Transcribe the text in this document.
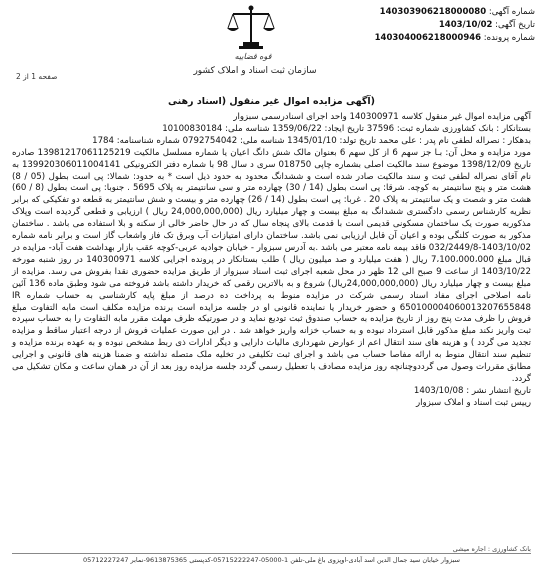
شماره آگهی: 140303906218000080
تاریخ آگهی: 1403/10/02
شماره پرونده: 140304006218000946
قوه قضاییه
سازمان ثبت اسناد و املاک کشور
صفحه 1 از 2
(آگهی مزایده اموال غیر منقول (اسناد رهنی

آگهی مزایده اموال غیر منقول کلاسه 140300971 واحد اجرای اسنادرسمی سبزوار

بستانکار : بانک کشاورزی شماره ثبت: 37596 تاریخ ایجاد: 1359/06/22 شناسه ملی: 10100830184

بدهکار : نصراله لطفی نام پدر : علی محمد تاریخ تولد: 1345/01/10 شناسه ملی: 0792754042 شماره شناسنامه: 1784

مورد مزایده و محل آن: بـا جز سهم 6 از کل سهم 6 بعنوان مالک شش دانگ اعیان یا شماره مسلسل مالکیت 1398121706112521​9 صادره تاریخ 1398/12/09 موضوع سند مالکیت اصلی بشماره چاپی 018750 سری د سال 98 با شماره دفتر الکترونیکی 139920306011004141 به نام آقای نصراله لطفی ثبت و سند مالکیت صادر شده است و ششدانگ محدود به حدود ذیل است * به حدود: شمالا: پی است بطول (05 / 8) هشت متر و پنج سانتیمتر به کوچه. شرقا: پی است بطول (14 / 30) چهارده متر و سی سانتیمتر به پلاک 5695 . جنوبا: پی است بطول (8 / 60) هشت متر و شصت و یک سانتیمتر به پلاک 20 . غربا: پی است بطول (14 / 26) چهارده متر و بیست و شش سانتیمتر به قطعه دو تفکیکی که برابر نظریه کارشناس رسمی دادگستری ششدانگ به مبلغ بیست و چهار میلیارد ریال (24,000,000,000 ریال ) ارزیابی و قطعی گردیده است وپلاک مذکوربه صورت یک ساختمان مسکونی قدیمی است با قدمت بالای پنجاه سال که در حال حاضر خالی از سکنه و بلا استفاده می باشد . ساختمان مذکور به صورت کلنگی بوده و اعیان آن قابل ارزیابی نمی باشد. ساختمان دارای امتیازات آب وبرق تک فاز واشعاب گاز است و برابر نامه شماره 1403/10/02-032/2449/8 فاقد بیمه نامه معتبر می باشد .به آدرس سبزوار - خیابان جوادیه عربی-کوچه عقب بازار بهداشت هفت آباد- مزایده در قبال مبلغ 7،100،000،000 ریال ( هفت میلیارد و صد میلیون ریال ) طلب بستانکار در پرونده اجرایی کلاسه 140300971 در روز شنبه مورخه 1403/10/22 از ساعت 9 صبح الی 12 ظهر در محل شعبه اجرای ثبت اسناد سبزوار از طریق مزایده حضوری نقدا بفروش می رسد. مزایده از مبلغ بیست و چهار میلیارد ریال (24,000,000,000ریال) شروع و به بالاترین رقمی که خریدار داشته باشد فروخته می شود وطبق ماده 136 آئین نامه اصلاحی اجرای مفاد اسناد رسمی شرکت در مزایده منوط به پرداخت ده درصد از مبلغ پایه کارشناسی به حساب شماره IR 650100004060013207655848 و حضور خریدار یا نماینده قانونی او در جلسه مزایده است برنده مزایده مکلف است مابه التفاوت مبلغ فروش را ظرف مدت پنج روز از تاریخ مزایده به حساب صندوق ثبت تودیع نماید و در صورتیکه ظرف مهلت مقرر مابه التفاوت را به حساب سپرده ثبت واریز نکند مبلغ مذکور قابل استرداد نبوده و به حساب خزانه واریز خواهد شد . در این صورت عملیات فروش از درجه اعتبار ساقط و مزایده تجدید می گردد ) و هزینه های سند انتقال اعم از عوارض شهرداری مالیات دارایی و دیگر ادارات ذی ربط مشخص نبوده و به عهده برنده مزایده و تنظیم سند انتقال منوط به ارائه مفاصا حساب می باشد و اجرای ثبت تکلیفی در تخلیه ملک متصله نداشته و ضمنا هزینه های قانونی و اجرایی مطابق مقررات وصول می گرددوچنانچه روز مزایده مصادف با تعطیل رسمی گردد جلسه مزایده روز بعد از آن در همان ساعت و مکان تشکیل می گردد.

تاریخ انتشار نشر : 1403/10/08

رییس ثبت اسناد و املاک سبزوار

بانک کشاورزی : اجاره میشی
سبزوار خیابان سید جمال الدین اسد آبادی-اوپزوی باغ ملی-تلفن 1-05000-05715222247-کدپستی 9613875365-نمابر 05712227247
